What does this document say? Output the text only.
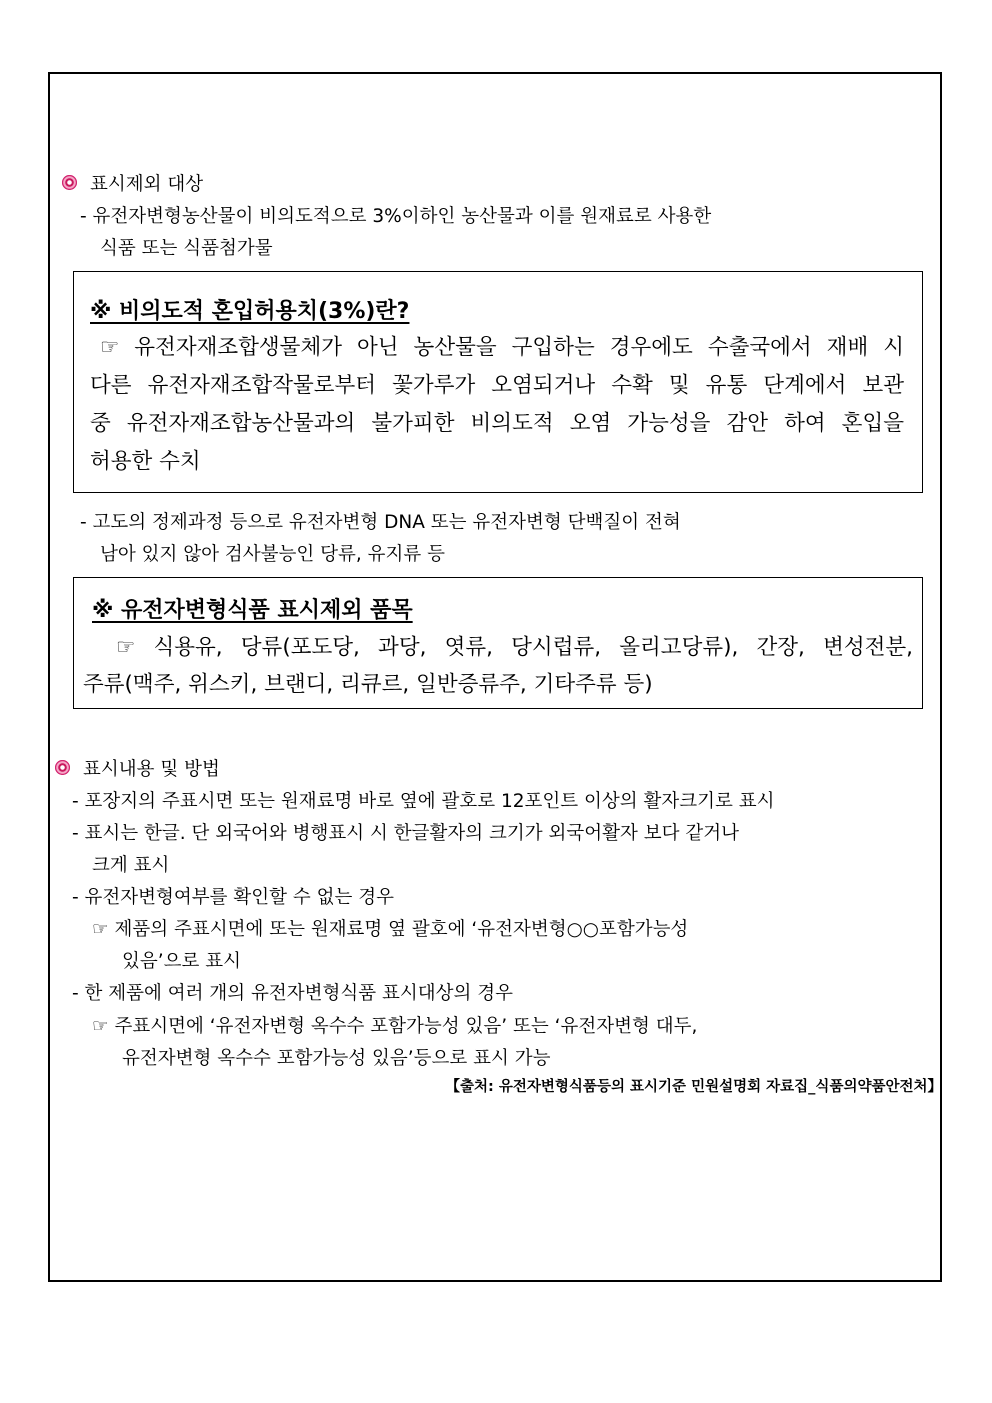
표시제외 대상
- 유전자변형농산물이 비의도적으로 3%이하인 농산물과 이를 원재료로 사용한
식품 또는 식품첨가물
※ 비의도적 혼입허용치(3%)란?
☞ 유전자재조합생물체가 아닌 농산물을 구입하는 경우에도 수출국에서 재배 시
다른 유전자재조합작물로부터 꽃가루가 오염되거나 수확 및 유통 단계에서 보관
중 유전자재조합농산물과의 불가피한 비의도적 오염 가능성을 감안 하여 혼입을
허용한 수치
- 고도의 정제과정 등으로 유전자변형 DNA 또는 유전자변형 단백질이 전혀
남아 있지 않아 검사불능인 당류, 유지류 등
※ 유전자변형식품 표시제외 품목
☞ 식용유, 당류(포도당, 과당, 엿류, 당시럽류, 올리고당류), 간장, 변성전분,
주류(맥주, 위스키, 브랜디, 리큐르, 일반증류주, 기타주류 등)
표시내용 및 방법
- 포장지의 주표시면 또는 원재료명 바로 옆에 괄호로 12포인트 이상의 활자크기로 표시
- 표시는 한글. 단 외국어와 병행표시 시 한글활자의 크기가 외국어활자 보다 같거나
크게 표시
- 유전자변형여부를 확인할 수 없는 경우
☞ 제품의 주표시면에 또는 원재료명 옆 괄호에 ‘유전자변형○○포함가능성
있음’으로 표시
- 한 제품에 여러 개의 유전자변형식품 표시대상의 경우
☞ 주표시면에 ‘유전자변형 옥수수 포함가능성 있음’ 또는 ‘유전자변형 대두,
유전자변형 옥수수 포함가능성 있음’등으로 표시 가능
【출처: 유전자변형식품등의 표시기준 민원설명회 자료집_식품의약품안전처】
